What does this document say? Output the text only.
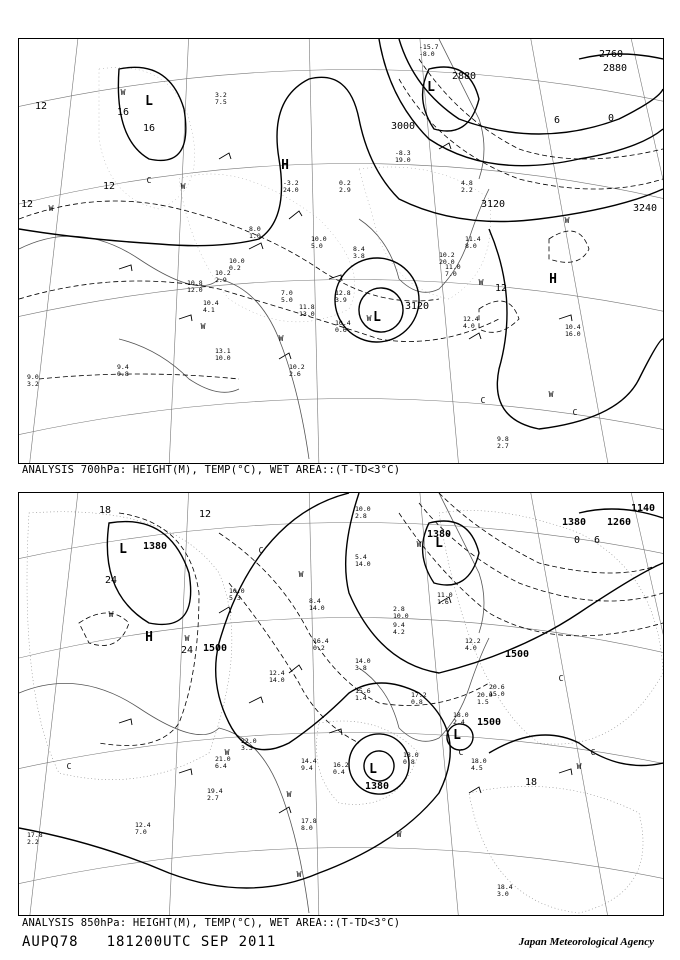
2760
2880
2880
3000
3120
3120
3240
12
12
12
12
16
16
6	0
L
L
L
H
H
W
W
W
W
W
W
W
W
W
C
C
C
-15.7
-8.0
3.2
7.5
-8.3
19.0
-3.2
24.0
0.2
2.9
4.8
2.2
8.0
1.0	10.0
5.0
7.0
5.0
10.4
4.1	11.8
13.0
11.0
7.0
11.4
8.0
12.8
3.9
10.4
0.6
10.2
2.6
12.4
4.0	10.4
16.0
9.8
2.7
10.2
2.9
9.4
0.8
9.0
3.2
13.1
10.0
10.8
12.0
10.0
0.2
10.2
20.0
8.4
3.8
ANALYSIS 700hPa: HEIGHT(M), TEMP(°C), WET AREA::(T-TD<3°C)
1380
1380
1380
1500
1500
1500
1380 1260
1140
18
24
24
12
18
0 6
L	L
L
L
H	W
W
W
W
W
W
W
W
W
C
C
C
C	C
10.0
2.8
5.4
14.0
8.4
14.0	2.8
10.0
12.2
4.0
14.0
3.8
20.6
15.0
18.0
2.4
18.0
4.5
18.0
0.8
17.8
8.0
19.4
2.7
21.0
6.4
22.0
3.3
17.8
2.2
12.4
7.0
18.4
3.0
10.0
5.3
16.4
0.2
15.6
1.4
14.4
9.4	16.2
0.4
12.4
14.0
20.0
1.5
17.2
0.8
9.4
4.2
11.0
1.6
ANALYSIS 850hPa: HEIGHT(M), TEMP(°C), WET AREA::(T-TD<3°C)
AUPQ78 181200UTC SEP 2011	Japan Meteorological Agency
